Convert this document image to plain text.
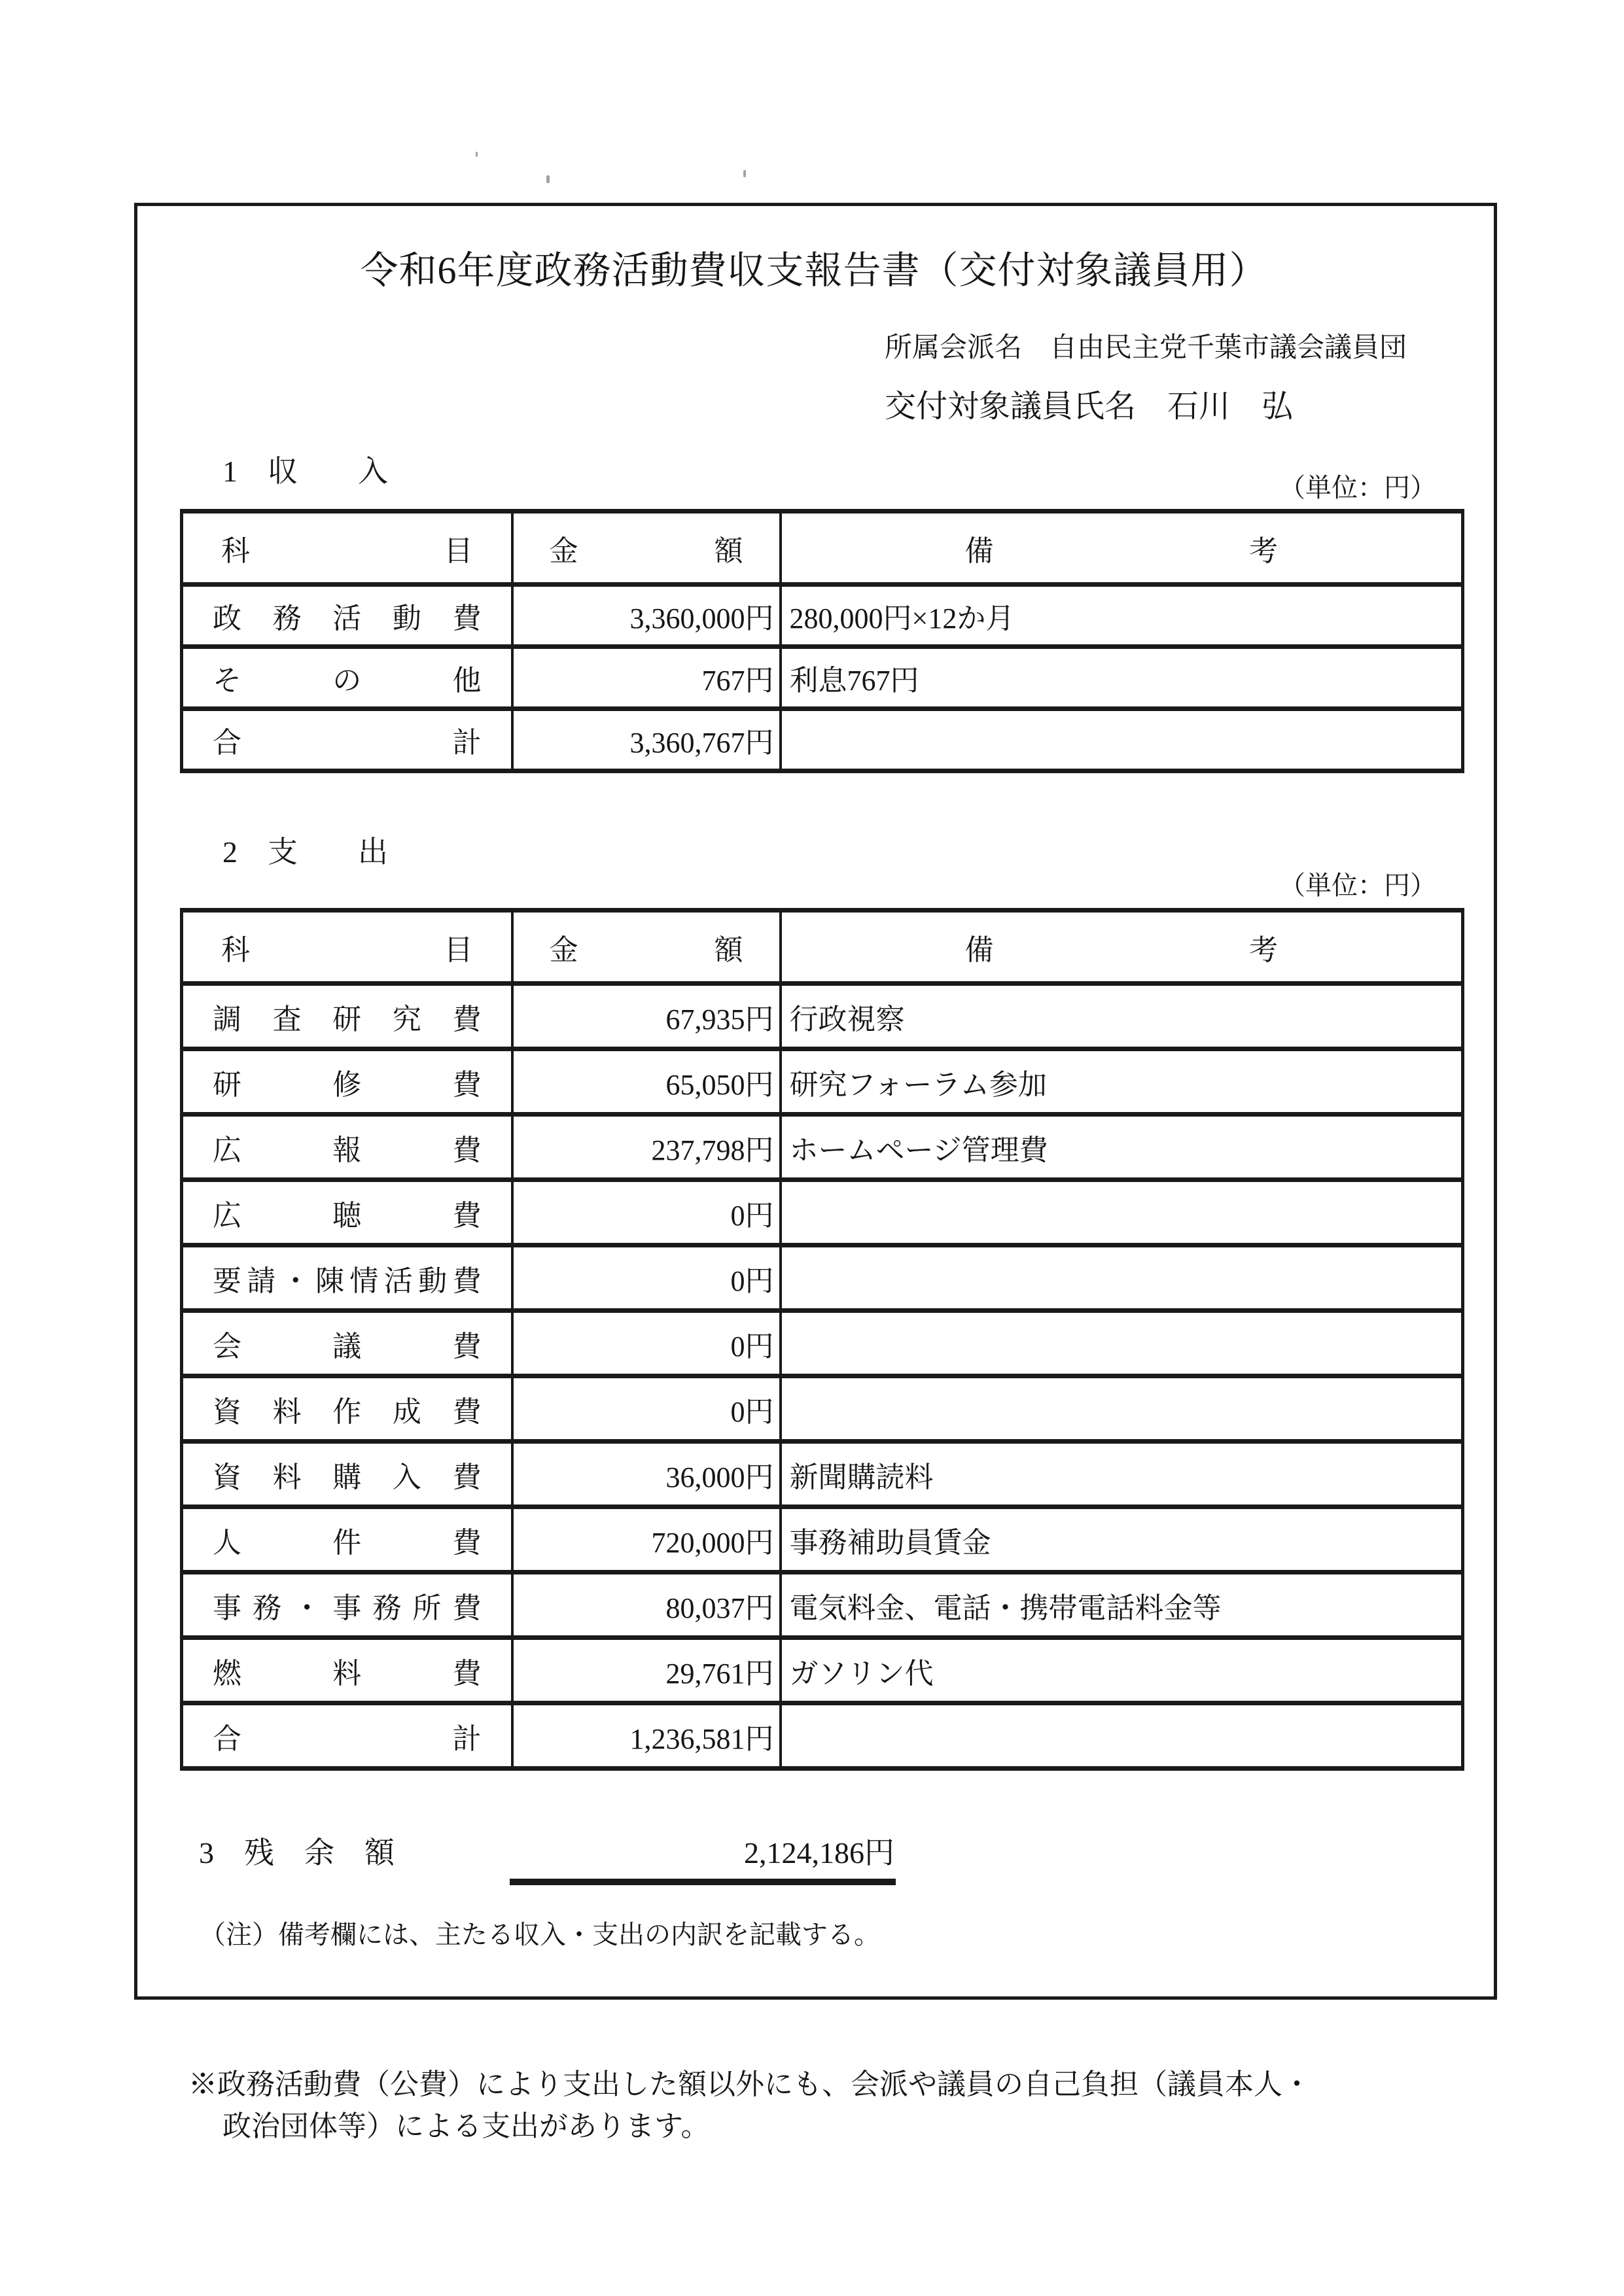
令和6年度政務活動費収支報告書（交付対象議員用）
所属会派名　自由民主党千葉市議会議員団
交付対象議員氏名　石川　弘
1　収　　入	（単位：円）
科目	金額	備考
政務活動費	3,360,000円	280,000円×12か月
その他	767円	利息767円
合計	3,360,767円	
2　支　　出
（単位：円）
科目	金額	備考
調査研究費	67,935円	行政視察
研修費	65,050円	研究フォーラム参加
広報費	237,798円	ホームページ管理費
広聴費	0円	
要請・陳情活動費	0円	
会議費	0円	
資料作成費	0円	
資料購入費	36,000円	新聞購読料
人件費	720,000円	事務補助員賃金
事務・事務所費	80,037円	電気料金、電話・携帯電話料金等
燃料費	29,761円	ガソリン代
合計	1,236,581円	
3　残　余　額	2,124,186円
（注）備考欄には、主たる収入・支出の内訳を記載する。
※政務活動費（公費）により支出した額以外にも、会派や議員の自己負担（議員本人・
政治団体等）による支出があります。
